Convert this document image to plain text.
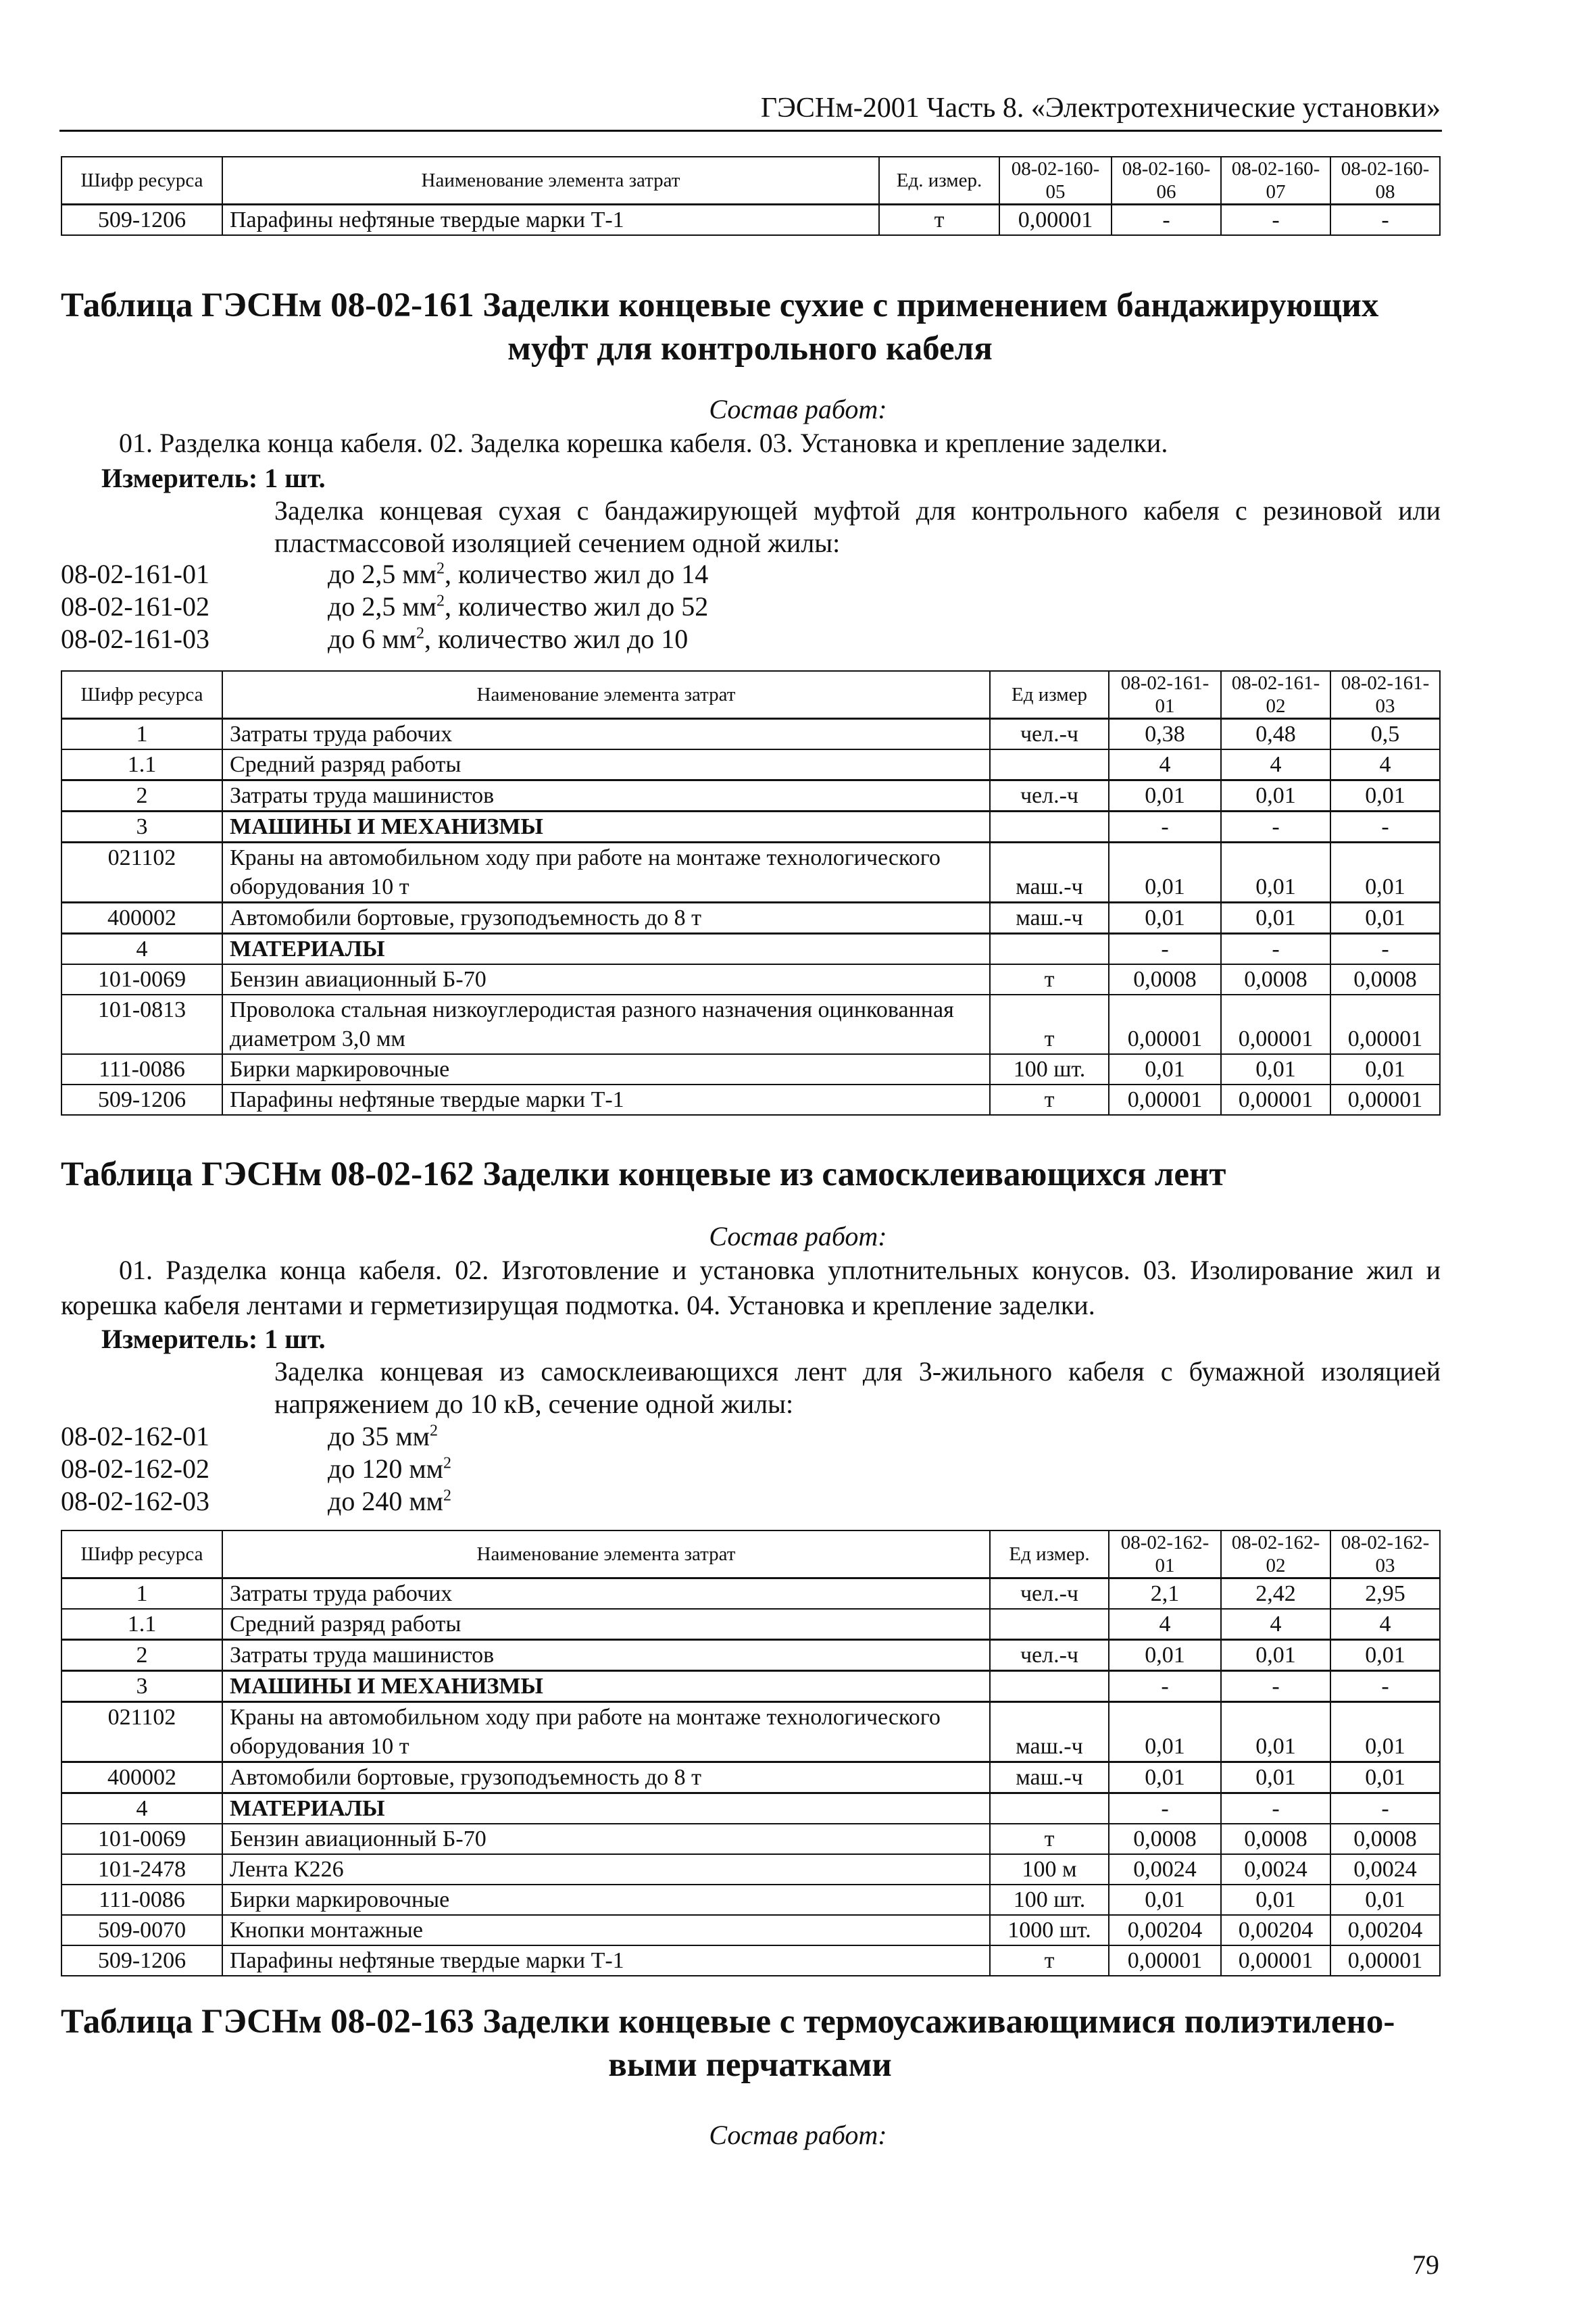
ГЭСНм-2001 Часть 8. «Электротехнические установки»
Шифр ресурса	Наименование элемента затрат	Ед. измер.	08-02-160-05	08-02-160-06	08-02-160-07	08-02-160-08
509-1206	Парафины нефтяные твердые марки Т-1	т	0,00001	-	-	-
Таблица ГЭСНм 08-02-161 Заделки концевые сухие с применением бандажирующих
муфт для контрольного кабеля
Состав работ:
01. Разделка конца кабеля. 02. Заделка корешка кабеля. 03. Установка и крепление заделки.
Измеритель: 1 шт.
Заделка концевая сухая с бандажирующей муфтой для контрольного кабеля с резиновой или пластмассовой изоляцией сечением одной жилы:
08-02-161-01	до 2,5 $мм^2$, количество жил до 14
08-02-161-02	до 2,5 $мм^2$, количество жил до 52
08-02-161-03	до 6 $мм^2$, количество жил до 10
Шифр ресурса	Наименование элемента затрат	Ед измер	08-02-161-01	08-02-161-02	08-02-161-03
1	Затраты труда рабочих	чел.-ч	0,38	0,48	0,5
1.1	Средний разряд работы		4	4	4
2	Затраты труда машинистов	чел.-ч	0,01	0,01	0,01
3	МАШИНЫ И МЕХАНИЗМЫ		-	-	-
021102	Краны на автомобильном ходу при работе на монтаже технологического оборудования 10 т	маш.-ч	0,01	0,01	0,01
400002	Автомобили бортовые, грузоподъемность до 8 т	маш.-ч	0,01	0,01	0,01
4	МАТЕРИАЛЫ		-	-	-
101-0069	Бензин авиационный Б-70	т	0,0008	0,0008	0,0008
101-0813	Проволока стальная низкоуглеродистая разного назначения оцинкованная диаметром 3,0 мм	т	0,00001	0,00001	0,00001
111-0086	Бирки маркировочные	100 шт.	0,01	0,01	0,01
509-1206	Парафины нефтяные твердые марки Т-1	т	0,00001	0,00001	0,00001
Таблица ГЭСНм 08-02-162 Заделки концевые из самосклеивающихся лент
Состав работ:
01. Разделка конца кабеля. 02. Изготовление и установка уплотнительных конусов. 03. Изолирование жил и корешка кабеля лентами и герметизирущая подмотка. 04. Установка и крепление заделки.
Измеритель: 1 шт.
Заделка концевая из самосклеивающихся лент для 3-жильного кабеля с бумажной изоляцией напряжением до 10 кВ, сечение одной жилы:
08-02-162-01	до 35 $мм^2$
08-02-162-02	до 120 $мм^2$
08-02-162-03	до 240 $мм^2$
Шифр ресурса	Наименование элемента затрат	Ед измер.	08-02-162-01	08-02-162-02	08-02-162-03
1	Затраты труда рабочих	чел.-ч	2,1	2,42	2,95
1.1	Средний разряд работы		4	4	4
2	Затраты труда машинистов	чел.-ч	0,01	0,01	0,01
3	МАШИНЫ И МЕХАНИЗМЫ		-	-	-
021102	Краны на автомобильном ходу при работе на монтаже технологического оборудования 10 т	маш.-ч	0,01	0,01	0,01
400002	Автомобили бортовые, грузоподъемность до 8 т	маш.-ч	0,01	0,01	0,01
4	МАТЕРИАЛЫ		-	-	-
101-0069	Бензин авиационный Б-70	т	0,0008	0,0008	0,0008
101-2478	Лента К226	100 м	0,0024	0,0024	0,0024
111-0086	Бирки маркировочные	100 шт.	0,01	0,01	0,01
509-0070	Кнопки монтажные	1000 шт.	0,00204	0,00204	0,00204
509-1206	Парафины нефтяные твердые марки Т-1	т	0,00001	0,00001	0,00001
Таблица ГЭСНм 08-02-163 Заделки концевые с термоусаживающимися полиэтилено-
выми перчатками
Состав работ:
79
